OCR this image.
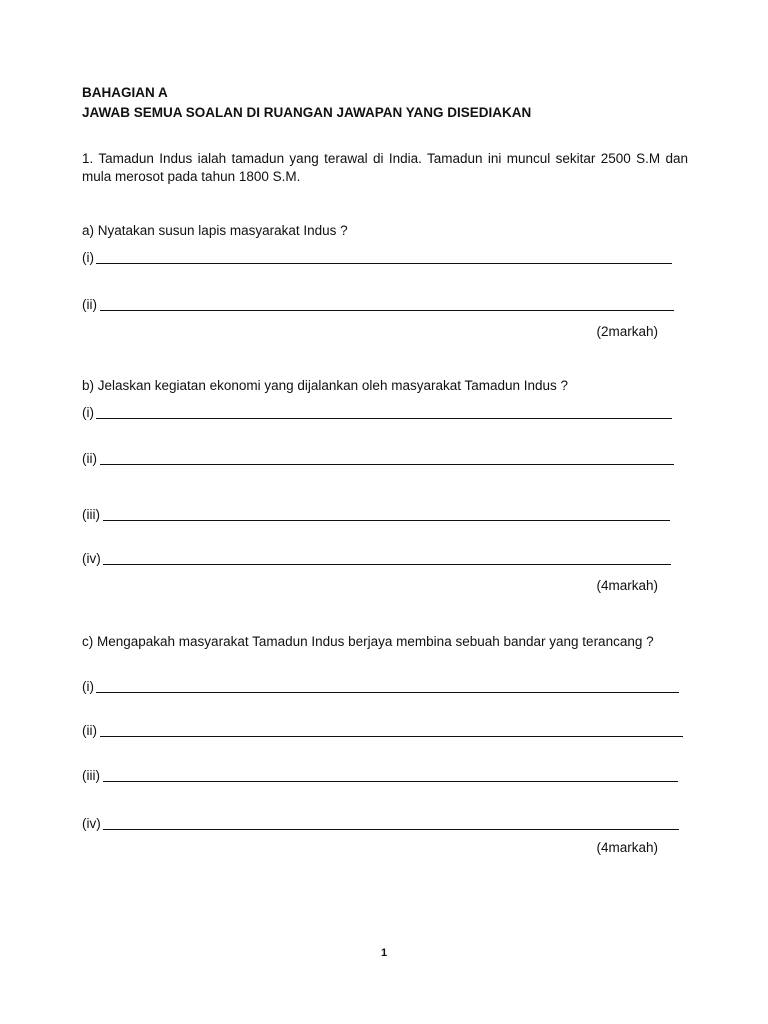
BAHAGIAN A
JAWAB SEMUA SOALAN DI RUANGAN JAWAPAN YANG DISEDIAKAN
1. Tamadun Indus ialah tamadun yang terawal di India. Tamadun ini muncul sekitar 2500 S.M dan mula merosot pada tahun 1800 S.M.
a) Nyatakan susun lapis masyarakat Indus ?
(i)
(ii)
(2markah)
b) Jelaskan kegiatan ekonomi yang dijalankan oleh masyarakat Tamadun Indus ?
(i)
(ii)
(iii)
(iv)
(4markah)
c) Mengapakah masyarakat Tamadun Indus berjaya membina sebuah bandar yang terancang ?
(i)
(ii)
(iii)
(iv)
(4markah)
1
